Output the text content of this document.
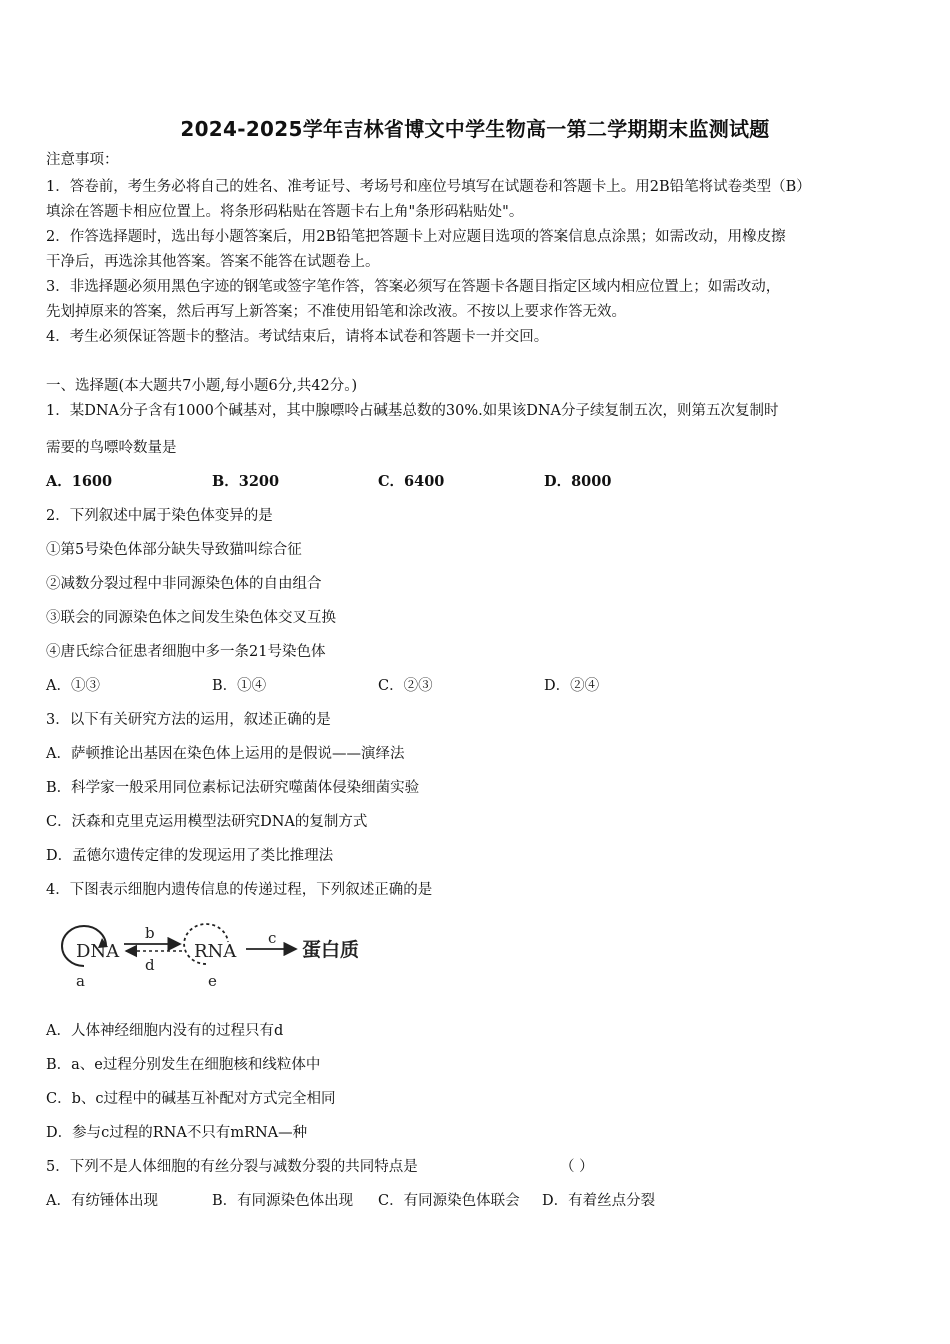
2024-2025学年吉林省博文中学生物高一第二学期期末监测试题
注意事项：
1．答卷前，考生务必将自己的姓名、准考证号、考场号和座位号填写在试题卷和答题卡上。用2B铅笔将试卷类型（B）
填涂在答题卡相应位置上。将条形码粘贴在答题卡右上角"条形码粘贴处"。
2．作答选择题时，选出每小题答案后，用2B铅笔把答题卡上对应题目选项的答案信息点涂黑；如需改动，用橡皮擦
干净后，再选涂其他答案。答案不能答在试题卷上。
3．非选择题必须用黑色字迹的钢笔或签字笔作答，答案必须写在答题卡各题目指定区域内相应位置上；如需改动，
先划掉原来的答案，然后再写上新答案；不准使用铅笔和涂改液。不按以上要求作答无效。
4．考生必须保证答题卡的整洁。考试结束后，请将本试卷和答题卡一并交回。
一、选择题(本大题共7小题,每小题6分,共42分。)
1．某DNA分子含有1000个碱基对，其中腺嘌呤占碱基总数的30%.如果该DNA分子续复制五次，则第五次复制时
需要的鸟嘌呤数量是
A．1600	B．3200	C．6400	D．8000
2．下列叙述中属于染色体变异的是
①第5号染色体部分缺失导致猫叫综合征
②减数分裂过程中非同源染色体的自由组合
③联会的同源染色体之间发生染色体交叉互换
④唐氏综合征患者细胞中多一条21号染色体
A．①③	B．①④	C．②③	D．②④
3．以下有关研究方法的运用，叙述正确的是
A．萨顿推论出基因在染色体上运用的是假说——演绎法
B．科学家一般采用同位素标记法研究噬菌体侵染细菌实验
C．沃森和克里克运用模型法研究DNA的复制方式
D．孟德尔遗传定律的发现运用了类比推理法
4．下图表示细胞内遗传信息的传递过程，下列叙述正确的是
DNA
a
b
d
RNA
e
c
蛋白质
A．人体神经细胞内没有的过程只有d
B．a、e过程分别发生在细胞核和线粒体中
C．b、c过程中的碱基互补配对方式完全相同
D．参与c过程的RNA不只有mRNA—种
5．下列不是人体细胞的有丝分裂与减数分裂的共同特点是	（ ）
A．有纺锤体出现	B．有同源染色体出现 C．有同源染色体联会 D．有着丝点分裂
